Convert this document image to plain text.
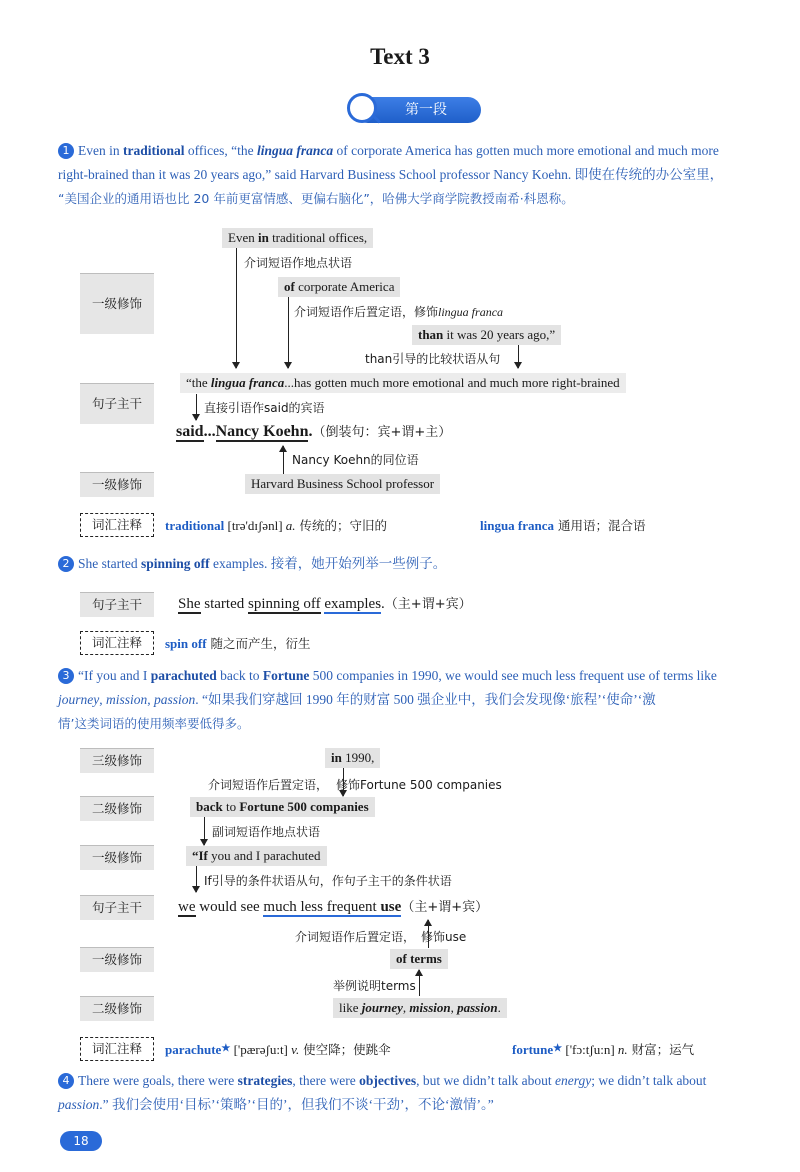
Text 3
第一段
1 Even in traditional offices, “the lingua franca of corporate America has gotten much more emotional and much more
right-brained than it was 20 years ago,” said Harvard Business School professor Nancy Koehn. 即使在传统的办公室里，
“美国企业的通用语也比 20 年前更富情感、更偏右脑化”，哈佛大学商学院教授南希·科恩称。
一级修饰
句子主干
一级修饰
Even in traditional offices,
介词短语作地点状语
of corporate America
介词短语作后置定语，修饰lingua franca
than it was 20 years ago,”
than引导的比较状语从句
“the lingua franca...has gotten much more emotional and much more right-brained
直接引语作said的宾语
said...Nancy Koehn.（倒装句：宾+谓+主）
Nancy Koehn的同位语
Harvard Business School professor
词汇注释	traditional [trə'dɪʃənl] a. 传统的；守旧的	lingua franca 通用语；混合语
2 She started spinning off examples. 接着，她开始列举一些例子。
句子主干	She started spinning off examples.（主+谓+宾）
词汇注释	spin off 随之而产生，衍生
3 “If you and I parachuted back to Fortune 500 companies in 1990, we would see much less frequent use of terms like
journey, mission, passion. “如果我们穿越回 1990 年的财富 500 强企业中，我们会发现像‘旅程’‘使命’‘激
情’这类词语的使用频率要低得多。
三级修饰
二级修饰
一级修饰
句子主干
一级修饰
二级修饰
in 1990,
介词短语作后置定语， 修饰Fortune 500 companies
back to Fortune 500 companies
副词短语作地点状语
“If you and I parachuted
If引导的条件状语从句，作句子主干的条件状语
we would see much less frequent use（主+谓+宾）
介词短语作后置定语， 修饰use
of terms
举例说明terms
like journey, mission, passion.
词汇注释	parachute★ ['pærəʃu:t] v. 使空降；使跳伞	fortune★ ['fɔ:tʃu:n] n. 财富；运气
4 There were goals, there were strategies, there were objectives, but we didn’t talk about energy; we didn’t talk about
passion.” 我们会使用‘目标’‘策略’‘目的’，但我们不谈‘干劲’，不论‘激情’。”
18
